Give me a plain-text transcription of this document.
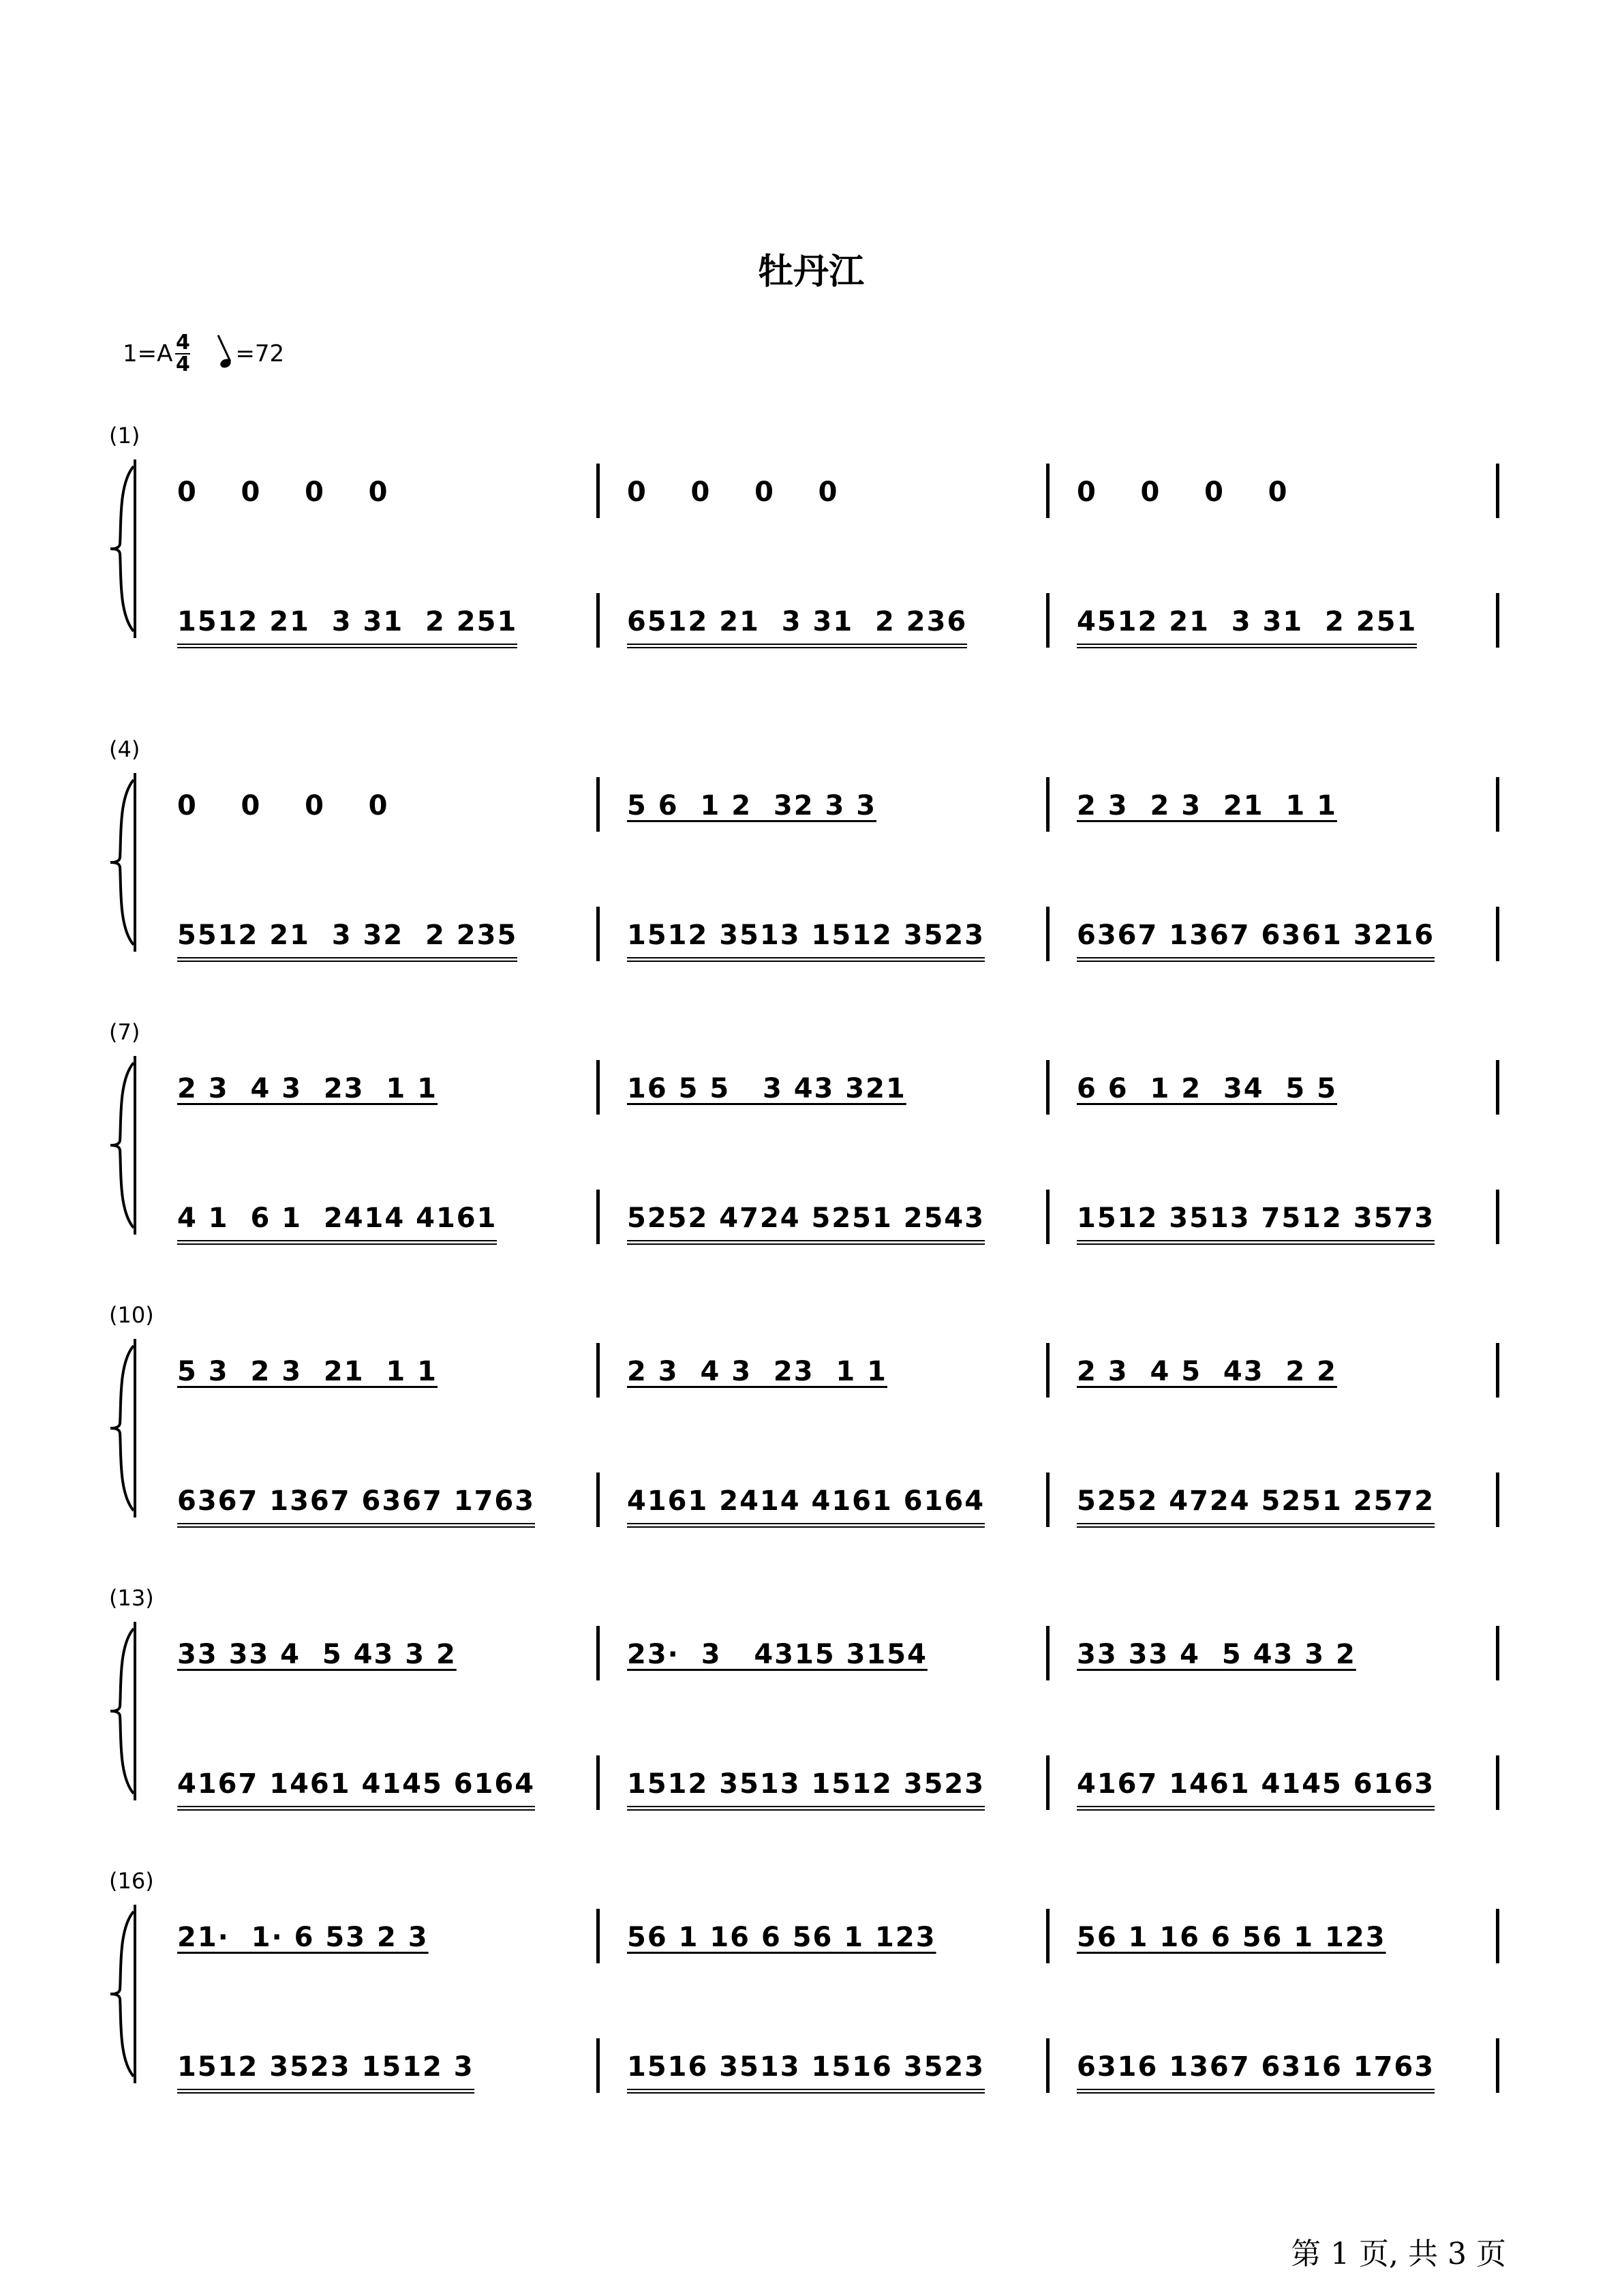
牡丹江
1=A 4
4 =72
(1)
0    0    0    0	0    0    0    0	0    0    0    0
1512 21  3 31  2 251	6512 21  3 31  2 236	4512 21  3 31  2 251
(4)
0    0    0    0	5 6  1 2  32 3 3	2 3  2 3  21  1 1
5512 21  3 32  2 235	1512 3513 1512 3523	6367 1367 6361 3216
(7)
2 3  4 3  23  1 1	16 5 5   3 43 321	6 6  1 2  34  5 5
4 1  6 1  2414 4161	5252 4724 5251 2543	1512 3513 7512 3573
(10)
5 3  2 3  21  1 1	2 3  4 3  23  1 1	2 3  4 5  43  2 2
6367 1367 6367 1763	4161 2414 4161 6164	5252 4724 5251 2572
(13)
33 33 4  5 43 3 2	23·  3   4315 3154	33 33 4  5 43 3 2
4167 1461 4145 6164	1512 3513 1512 3523	4167 1461 4145 6163
(16)
21·  1· 6 53 2 3	56 1 16 6 56 1 123	56 1 16 6 56 1 123
1512 3523 1512 3	1516 3513 1516 3523	6316 1367 6316 1763
第 1 页, 共 3 页
